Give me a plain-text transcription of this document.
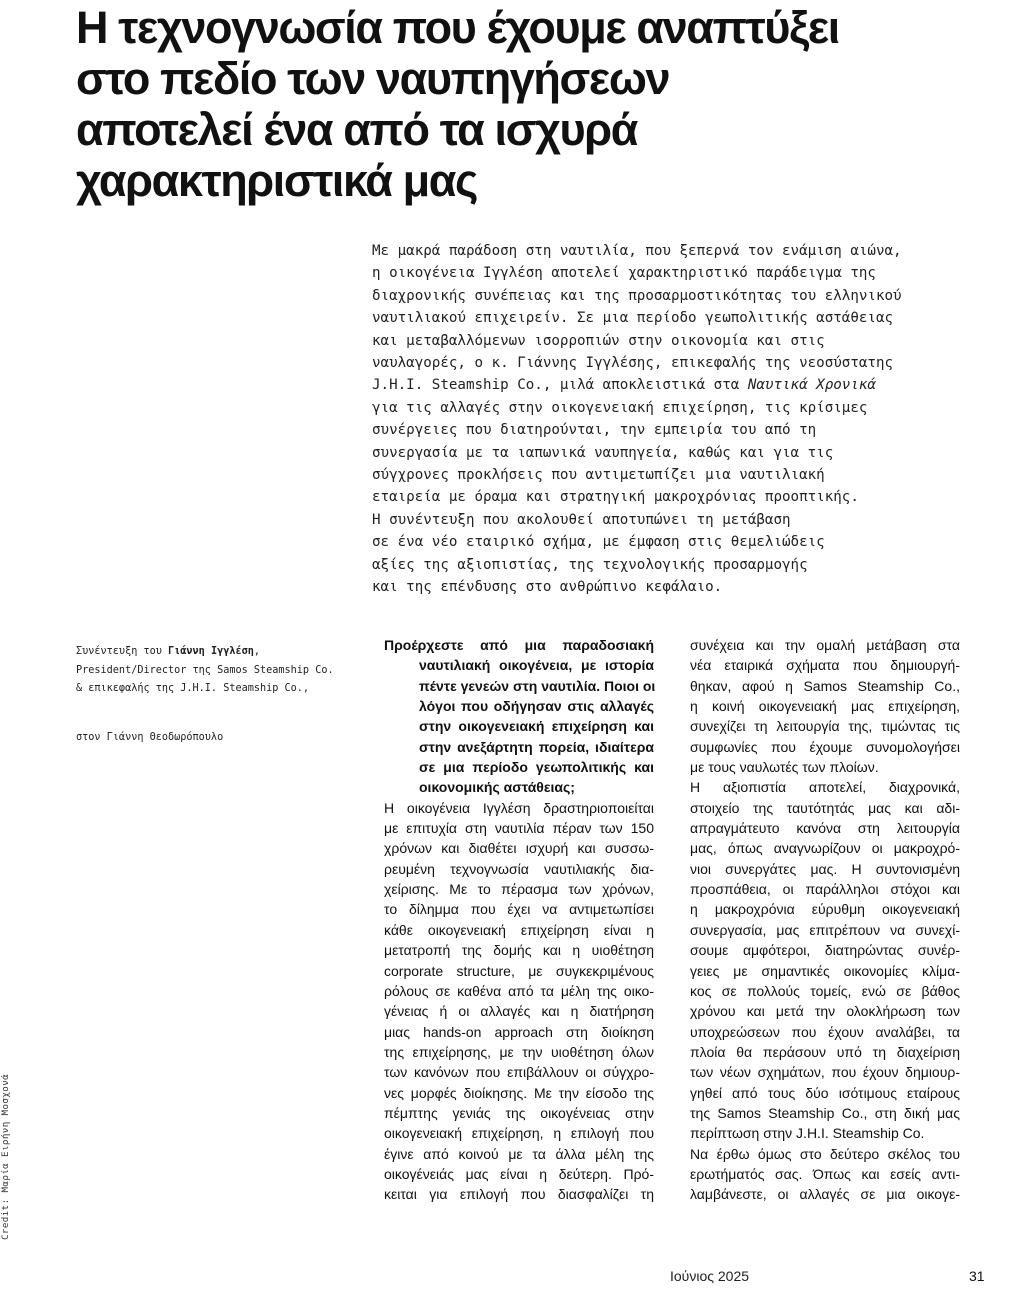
Η τεχνογνωσία που έχουμε αναπτύξει
στο πεδίο των ναυπηγήσεων
αποτελεί ένα από τα ισχυρά
χαρακτηριστικά μας
Με μακρά παράδοση στη ναυτιλία, που ξεπερνά τον ενάμιση αιώνα,
η οικογένεια Ιγγλέση αποτελεί χαρακτηριστικό παράδειγμα της
διαχρονικής συνέπειας και της προσαρμοστικότητας του ελληνικού
ναυτιλιακού επιχειρείν. Σε μια περίοδο γεωπολιτικής αστάθειας
και μεταβαλλόμενων ισορροπιών στην οικονομία και στις
ναυλαγορές, ο κ. Γιάννης Ιγγλέσης, επικεφαλής της νεοσύστατης
J.H.I. Steamship Co., μιλά αποκλειστικά στα Ναυτικά Χρονικά
για τις αλλαγές στην οικογενειακή επιχείρηση, τις κρίσιμες
συνέργειες που διατηρούνται, την εμπειρία του από τη
συνεργασία με τα ιαπωνικά ναυπηγεία, καθώς και για τις
σύγχρονες προκλήσεις που αντιμετωπίζει μια ναυτιλιακή
εταιρεία με όραμα και στρατηγική μακροχρόνιας προοπτικής.
Η συνέντευξη που ακολουθεί αποτυπώνει τη μετάβαση
σε ένα νέο εταιρικό σχήμα, με έμφαση στις θεμελιώδεις
αξίες της αξιοπιστίας, της τεχνολογικής προσαρμογής
και της επένδυσης στο ανθρώπινο κεφάλαιο.
Συνέντευξη του Γιάννη Ιγγλέση,
President/Director της Samos Steamship Co.
& επικεφαλής της J.H.I. Steamship Co.,
στον Γιάννη Θεοδωρόπουλο
Προέρχεστε από μια παραδοσιακή
ναυτιλιακή οικογένεια, με ιστορία
πέντε γενεών στη ναυτιλία. Ποιοι οι
λόγοι που οδήγησαν στις αλλαγές
στην οικογενειακή επιχείρηση και
στην ανεξάρτητη πορεία, ιδιαίτερα
σε μια περίοδο γεωπολιτικής και
οικονομικής αστάθειας;
Η οικογένεια Ιγγλέση δραστηριοποιείται
με επιτυχία στη ναυτιλία πέραν των 150
χρόνων και διαθέτει ισχυρή και συσσω-
ρευμένη τεχνογνωσία ναυτιλιακής δια-
χείρισης. Με το πέρασμα των χρόνων,
το δίλημμα που έχει να αντιμετωπίσει
κάθε οικογενειακή επιχείρηση είναι η
μετατροπή της δομής και η υιοθέτηση
corporate structure, με συγκεκριμένους
ρόλους σε καθένα από τα μέλη της οικο-
γένειας ή οι αλλαγές και η διατήρηση
μιας hands-on approach στη διοίκηση
της επιχείρησης, με την υιοθέτηση όλων
των κανόνων που επιβάλλουν οι σύγχρο-
νες μορφές διοίκησης. Με την είσοδο της
πέμπτης γενιάς της οικογένειας στην
οικογενειακή επιχείρηση, η επιλογή που
έγινε από κοινού με τα άλλα μέλη της
οικογένειάς μας είναι η δεύτερη. Πρό-
κειται για επιλογή που διασφαλίζει τη
συνέχεια και την ομαλή μετάβαση στα
νέα εταιρικά σχήματα που δημιουργή-
θηκαν, αφού η Samos Steamship Co.,
η κοινή οικογενειακή μας επιχείρηση,
συνεχίζει τη λειτουργία της, τιμώντας τις
συμφωνίες που έχουμε συνομολογήσει
με τους ναυλωτές των πλοίων.
Η αξιοπιστία αποτελεί, διαχρονικά,
στοιχείο της ταυτότητάς μας και αδι-
απραγμάτευτο κανόνα στη λειτουργία
μας, όπως αναγνωρίζουν οι μακροχρό-
νιοι συνεργάτες μας. Η συντονισμένη
προσπάθεια, οι παράλληλοι στόχοι και
η μακροχρόνια εύρυθμη οικογενειακή
συνεργασία, μας επιτρέπουν να συνεχί-
σουμε αμφότεροι, διατηρώντας συνέρ-
γειες με σημαντικές οικονομίες κλίμα-
κος σε πολλούς τομείς, ενώ σε βάθος
χρόνου και μετά την ολοκλήρωση των
υποχρεώσεων που έχουν αναλάβει, τα
πλοία θα περάσουν υπό τη διαχείριση
των νέων σχημάτων, που έχουν δημιουρ-
γηθεί από τους δύο ισότιμους εταίρους
της Samos Steamship Co., στη δική μας
περίπτωση στην J.H.I. Steamship Co.
Να έρθω όμως στο δεύτερο σκέλος του
ερωτήματός σας. Όπως και εσείς αντι-
λαμβάνεστε, οι αλλαγές σε μια οικογε-
Credit: Μαρία Ειρήνη Μοσχονά
Ιούνιος 2025	31
